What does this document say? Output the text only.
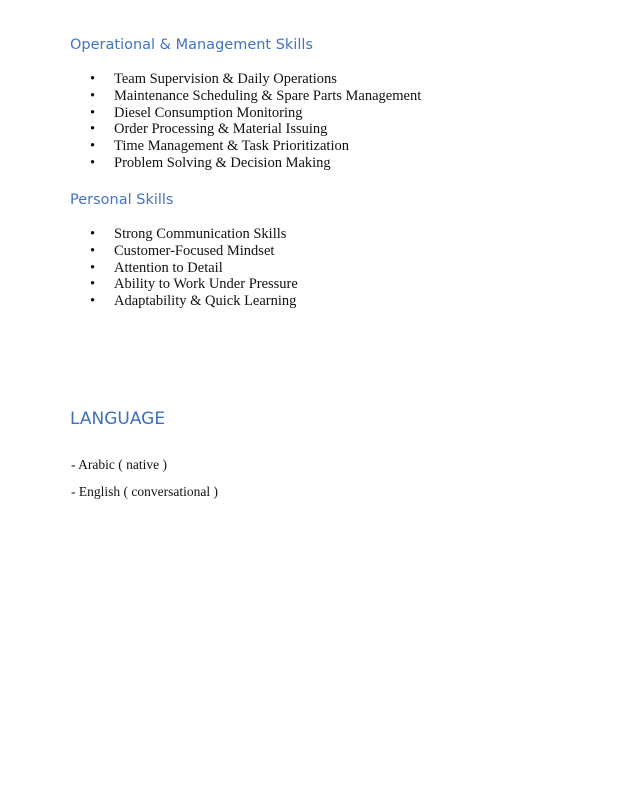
Operational & Management Skills
• Team Supervision & Daily Operations
• Maintenance Scheduling & Spare Parts Management
• Diesel Consumption Monitoring
• Order Processing & Material Issuing
• Time Management & Task Prioritization
• Problem Solving & Decision Making
Personal Skills
• Strong Communication Skills
• Customer-Focused Mindset
• Attention to Detail
• Ability to Work Under Pressure
• Adaptability & Quick Learning
LANGUAGE

- Arabic ( native )

- English ( conversational )
